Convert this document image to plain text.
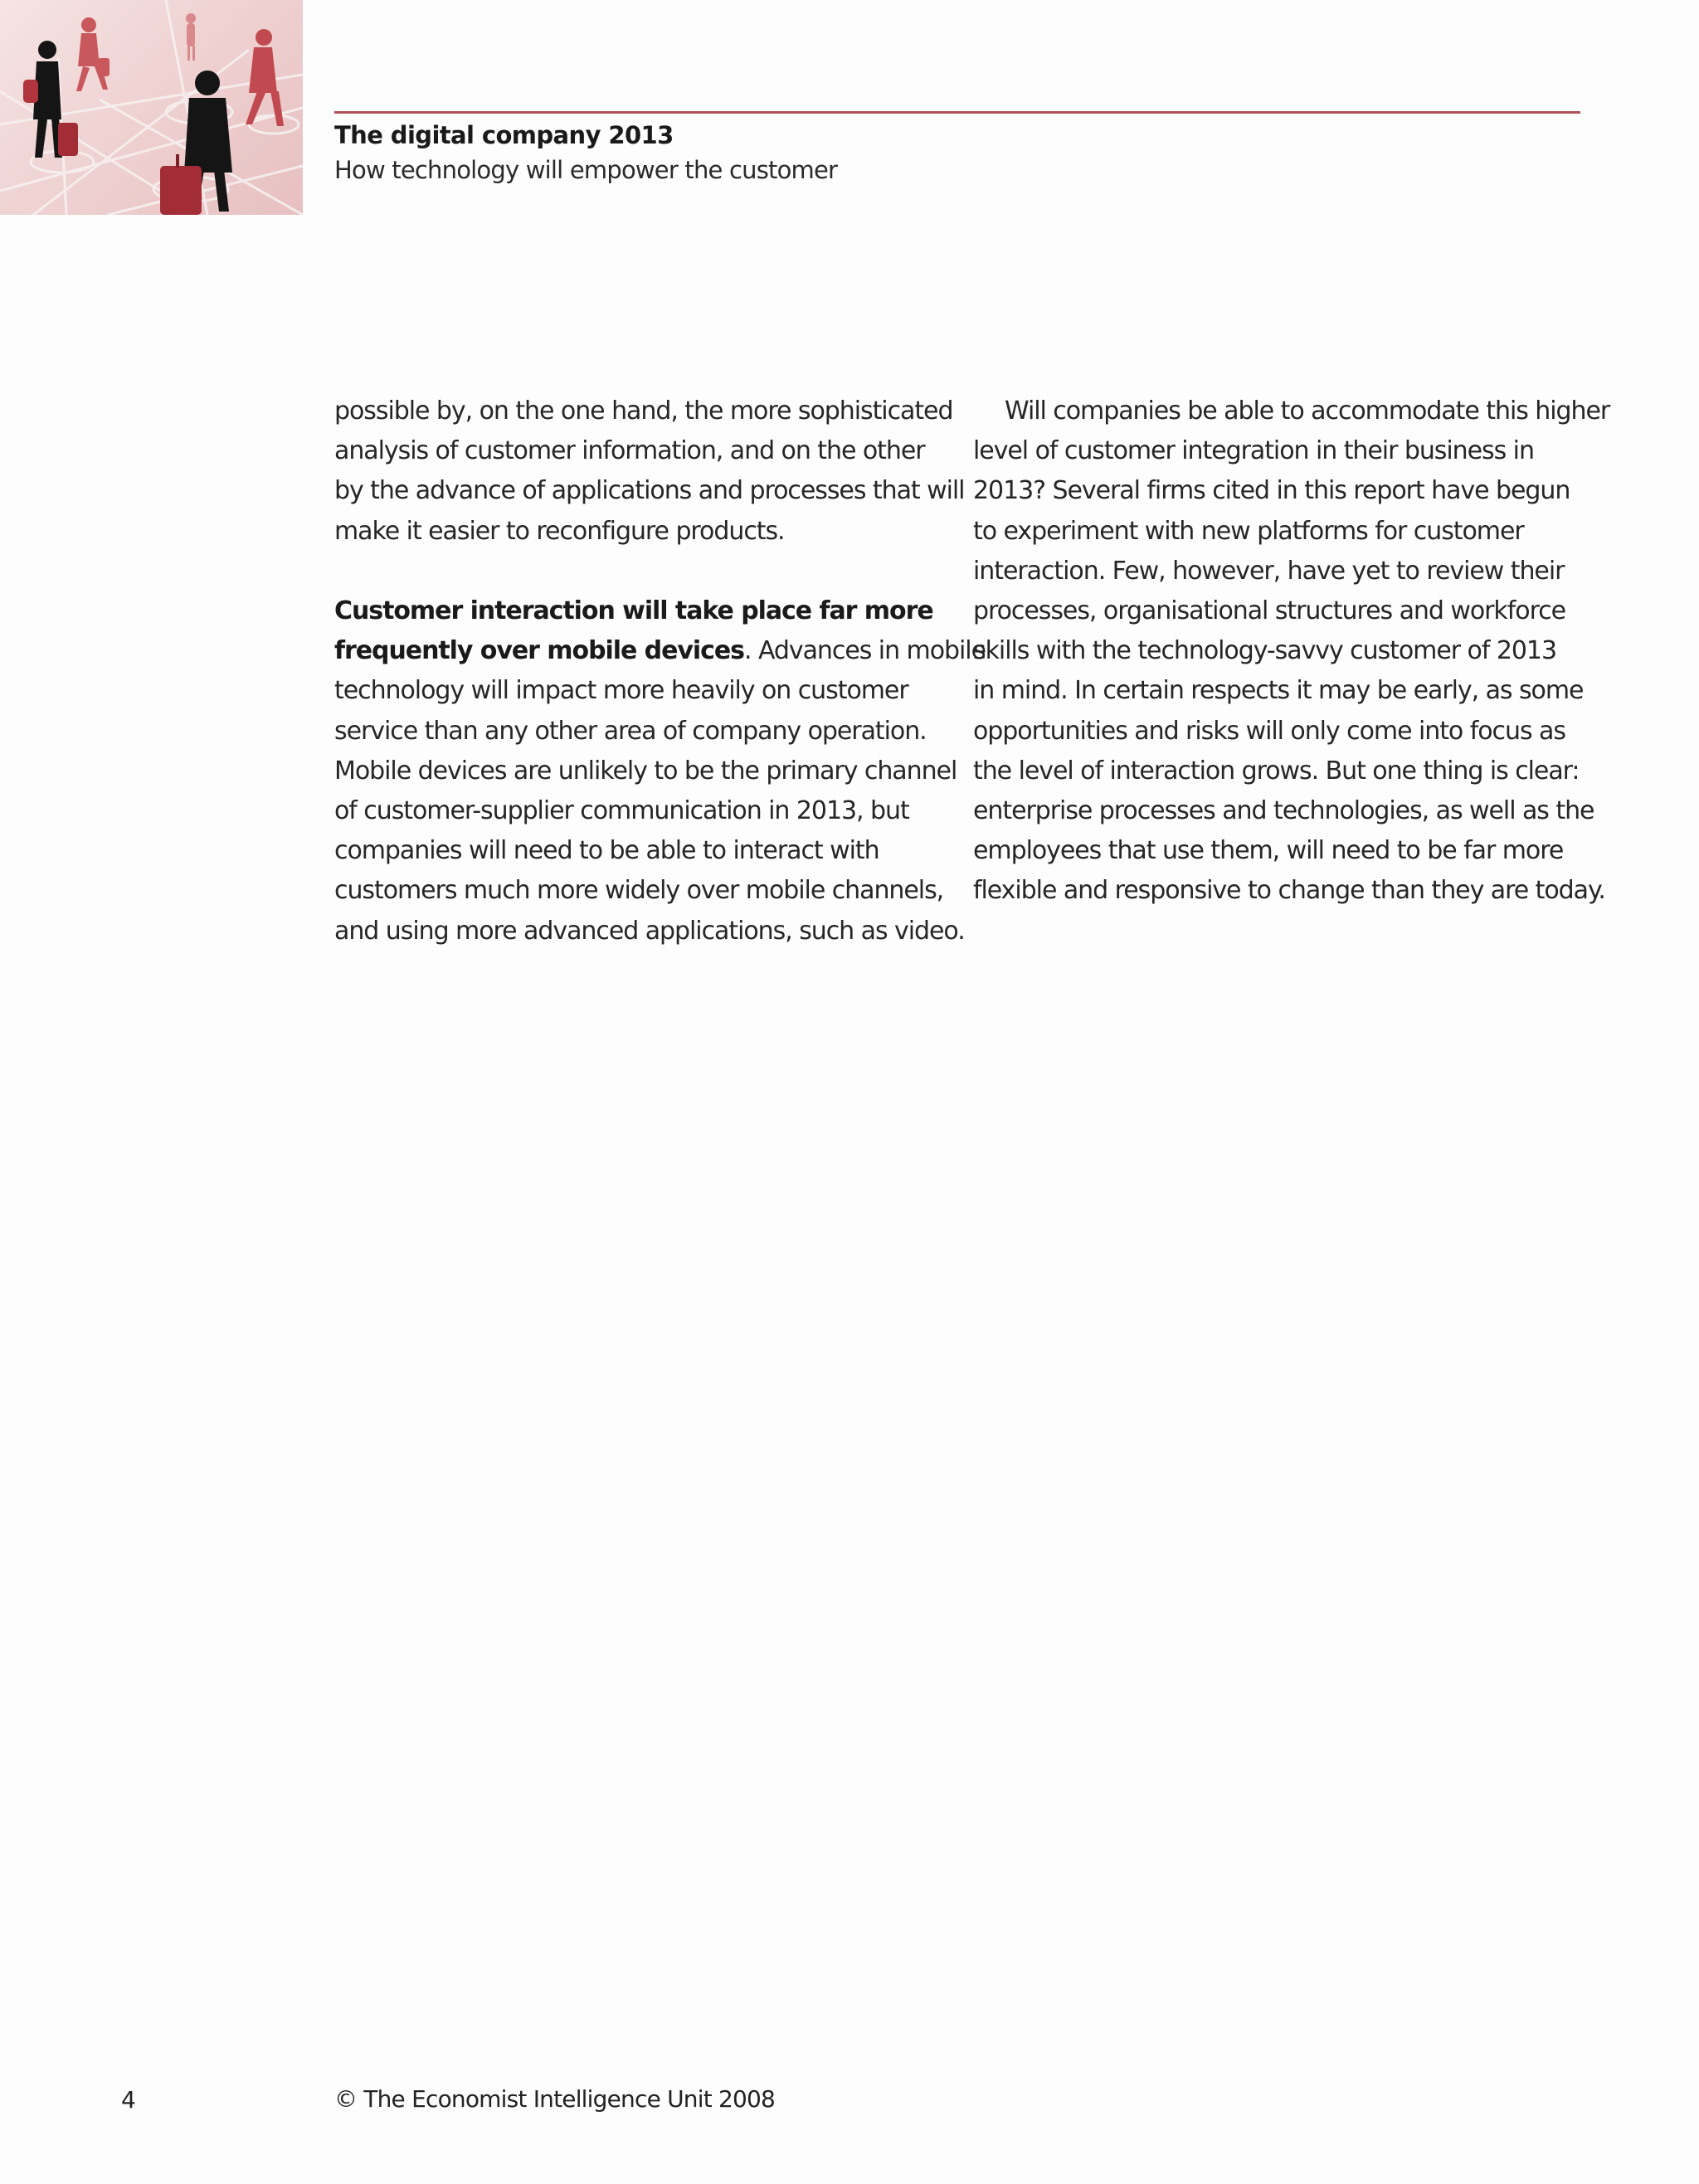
The digital company 2013
How technology will empower the customer
possible by, on the one hand, the more sophisticated
analysis of customer information, and on the other
by the advance of applications and processes that will
make it easier to reconfigure products.
Customer interaction will take place far more
frequently over mobile devices. Advances in mobile
technology will impact more heavily on customer
service than any other area of company operation.
Mobile devices are unlikely to be the primary channel
of customer-supplier communication in 2013, but
companies will need to be able to interact with
customers much more widely over mobile channels,
and using more advanced applications, such as video.
Will companies be able to accommodate this higher
level of customer integration in their business in
2013? Several firms cited in this report have begun
to experiment with new platforms for customer
interaction. Few, however, have yet to review their
processes, organisational structures and workforce
skills with the technology-savvy customer of 2013
in mind. In certain respects it may be early, as some
opportunities and risks will only come into focus as
the level of interaction grows. But one thing is clear:
enterprise processes and technologies, as well as the
employees that use them, will need to be far more
flexible and responsive to change than they are today.
4	© The Economist Intelligence Unit 2008
